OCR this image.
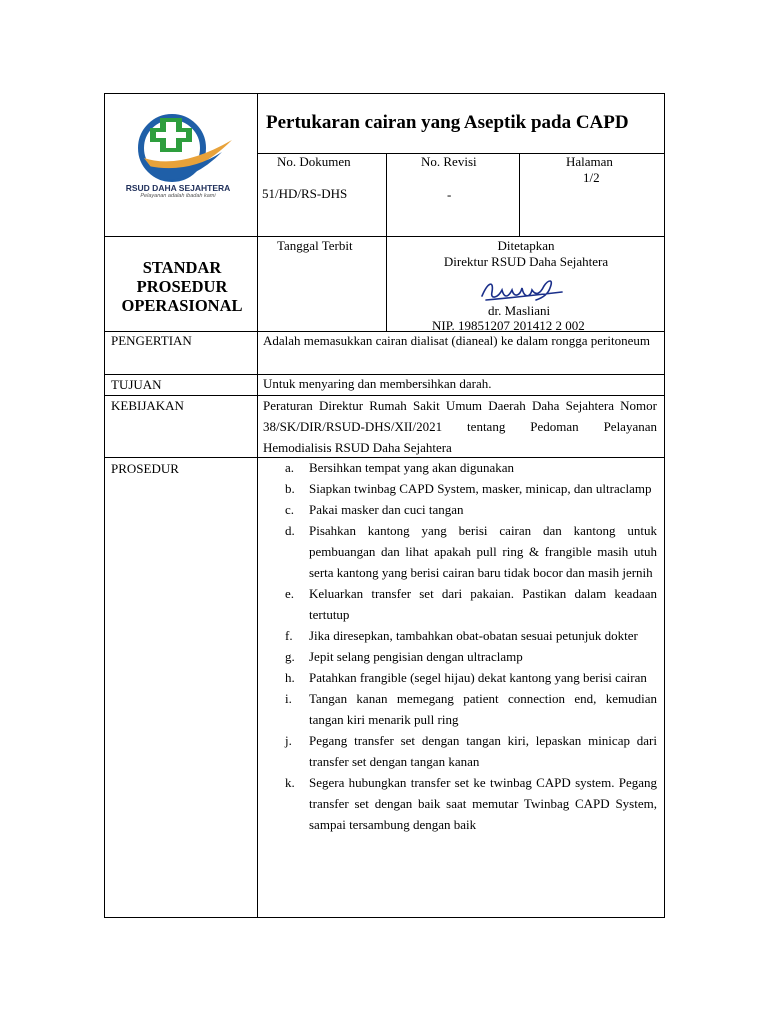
RSUD DAHA SEJAHTERA
Pelayanan adalah ibadah kami
Pertukaran cairan yang Aseptik pada CAPD
No. Dokumen
51/HD/RS-DHS
No. Revisi
-
Halaman
1/2
STANDAR
PROSEDUR
OPERASIONAL
Tanggal Terbit	Ditetapkan
Direktur RSUD Daha Sejahtera
dr. Masliani
NIP. 19851207 201412 2 002
PENGERTIAN	Adalah memasukkan cairan dialisat (dianeal) ke dalam rongga peritoneum
TUJUAN	Untuk menyaring dan membersihkan darah.
KEBIJAKAN	Peraturan Direktur Rumah Sakit Umum Daerah Daha Sejahtera Nomor 38/SK/DIR/RSUD-DHS/XII/2021 tentang Pedoman Pelayanan Hemodialisis RSUD Daha Sejahtera
PROSEDUR	a.	Bersihkan tempat yang akan digunakan
b.	Siapkan twinbag CAPD System, masker, minicap, dan ultraclamp
c.	Pakai masker dan cuci tangan
d.	Pisahkan kantong yang berisi cairan dan kantong untuk pembuangan dan lihat apakah pull ring & frangible masih utuh serta kantong yang berisi cairan baru tidak bocor dan masih jernih
e.	Keluarkan transfer set dari pakaian. Pastikan dalam keadaan tertutup
f.	Jika diresepkan, tambahkan obat-obatan sesuai petunjuk dokter
g.	Jepit selang pengisian dengan ultraclamp
h.	Patahkan frangible (segel hijau) dekat kantong yang berisi cairan
i.	Tangan kanan memegang patient connection end, kemudian tangan kiri menarik pull ring
j.	Pegang transfer set dengan tangan kiri, lepaskan minicap dari transfer set dengan tangan kanan
k.	Segera hubungkan transfer set ke twinbag CAPD system. Pegang transfer set dengan baik saat memutar Twinbag CAPD System, sampai tersambung dengan baik
